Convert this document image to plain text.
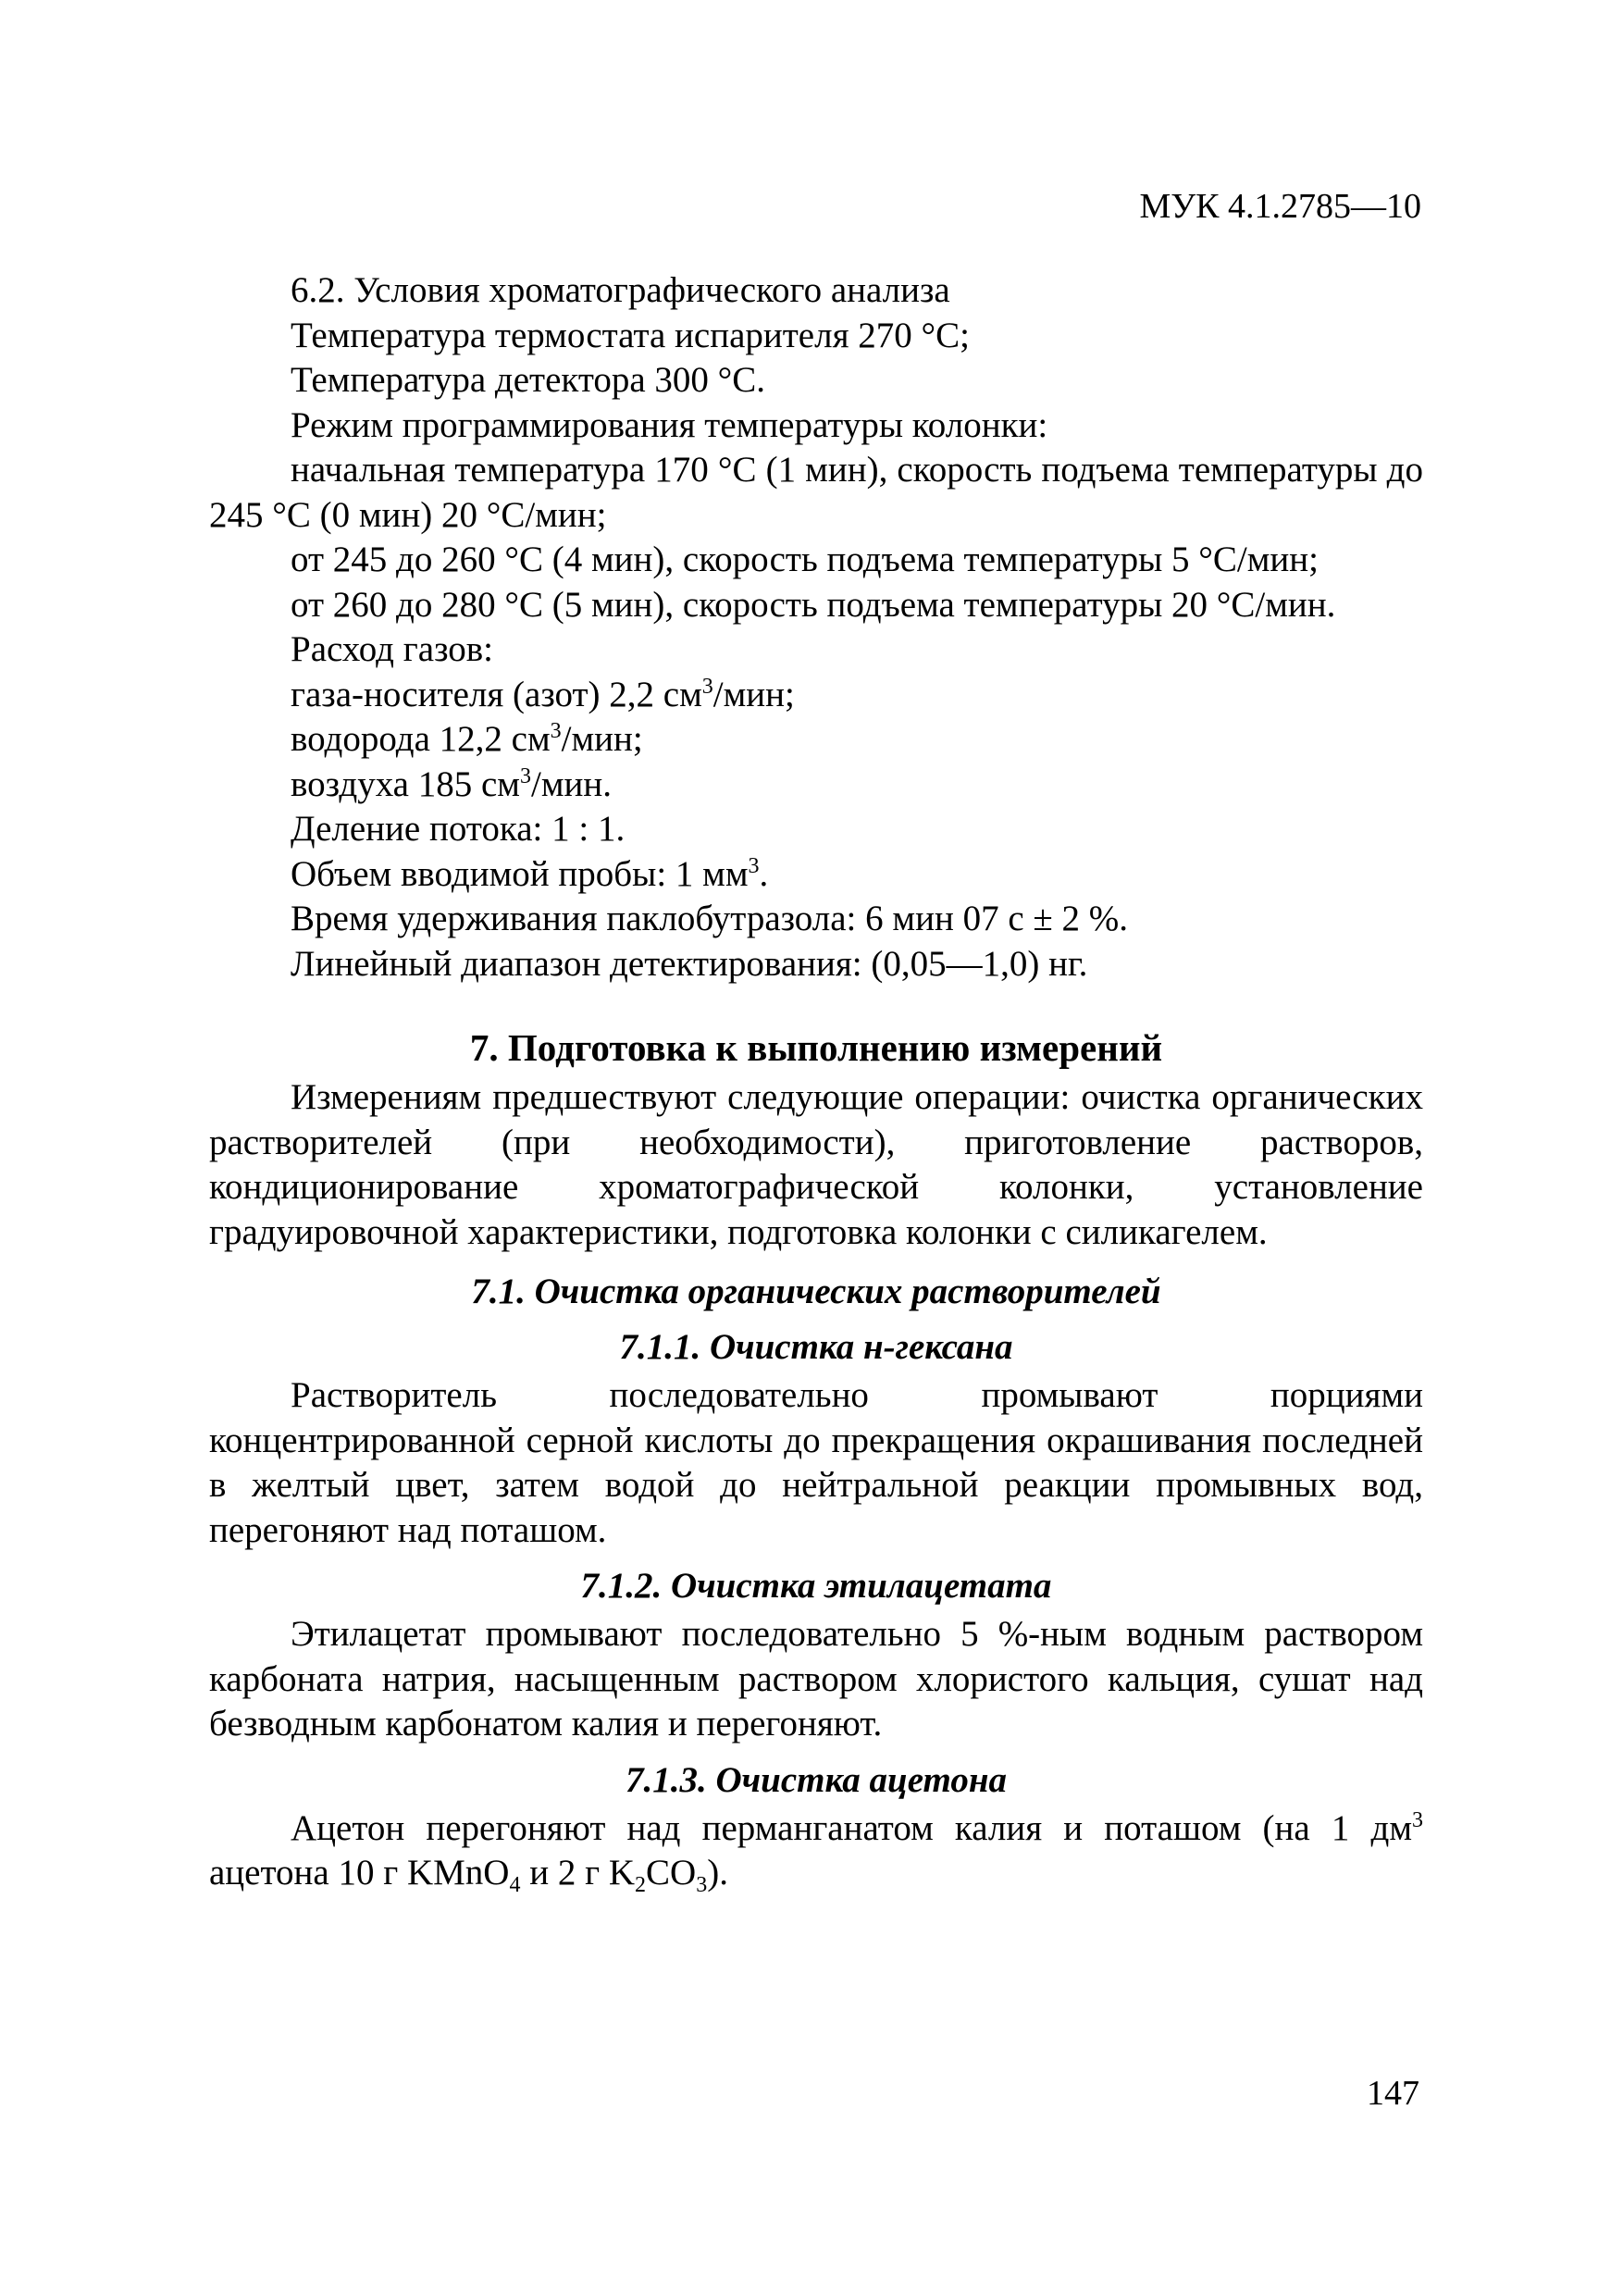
МУК 4.1.2785—10

6.2. Условия хроматографического анализа

Температура термостата испарителя 270 °С;

Температура детектора 300 °С.

Режим программирования температуры колонки:

начальная температура 170 °С (1 мин), скорость подъема температуры до 245 °С (0 мин) 20 °С/мин;

от 245 до 260 °С (4 мин), скорость подъема температуры 5 °С/мин;

от 260 до 280 °С (5 мин), скорость подъема температуры 20 °С/мин.

Расход газов:

газа-носителя (азот) 2,2 $см^3$/мин;

водорода 12,2 $см^3$/мин;

воздуха 185 $см^3$/мин.

Деление потока: 1 : 1.

Объем вводимой пробы: 1 $мм^3$.

Время удерживания паклобутразола: 6 мин 07 с ± 2 %.

Линейный диапазон детектирования: (0,05—1,0) нг.

7. Подготовка к выполнению измерений

Измерениям предшествуют следующие операции: очистка органических растворителей (при необходимости), приготовление растворов, кондиционирование хроматографической колонки, установление градуировочной характеристики, подготовка колонки с силикагелем.

7.1. Очистка органических растворителей
7.1.1. Очистка н-гексана

Растворитель последовательно промывают порциями концентрированной серной кислоты до прекращения окрашивания последней в желтый цвет, затем водой до нейтральной реакции промывных вод, перегоняют над поташом.

7.1.2. Очистка этилацетата

Этилацетат промывают последовательно 5 %-ным водным раствором карбоната натрия, насыщенным раствором хлористого кальция, сушат над безводным карбонатом калия и перегоняют.

7.1.3. Очистка ацетона

Ацетон перегоняют над перманганатом калия и поташом (на 1 $дм^3$ ацетона 10 г KMnO$_4$ и 2 г $K_2CO_3$).

147
